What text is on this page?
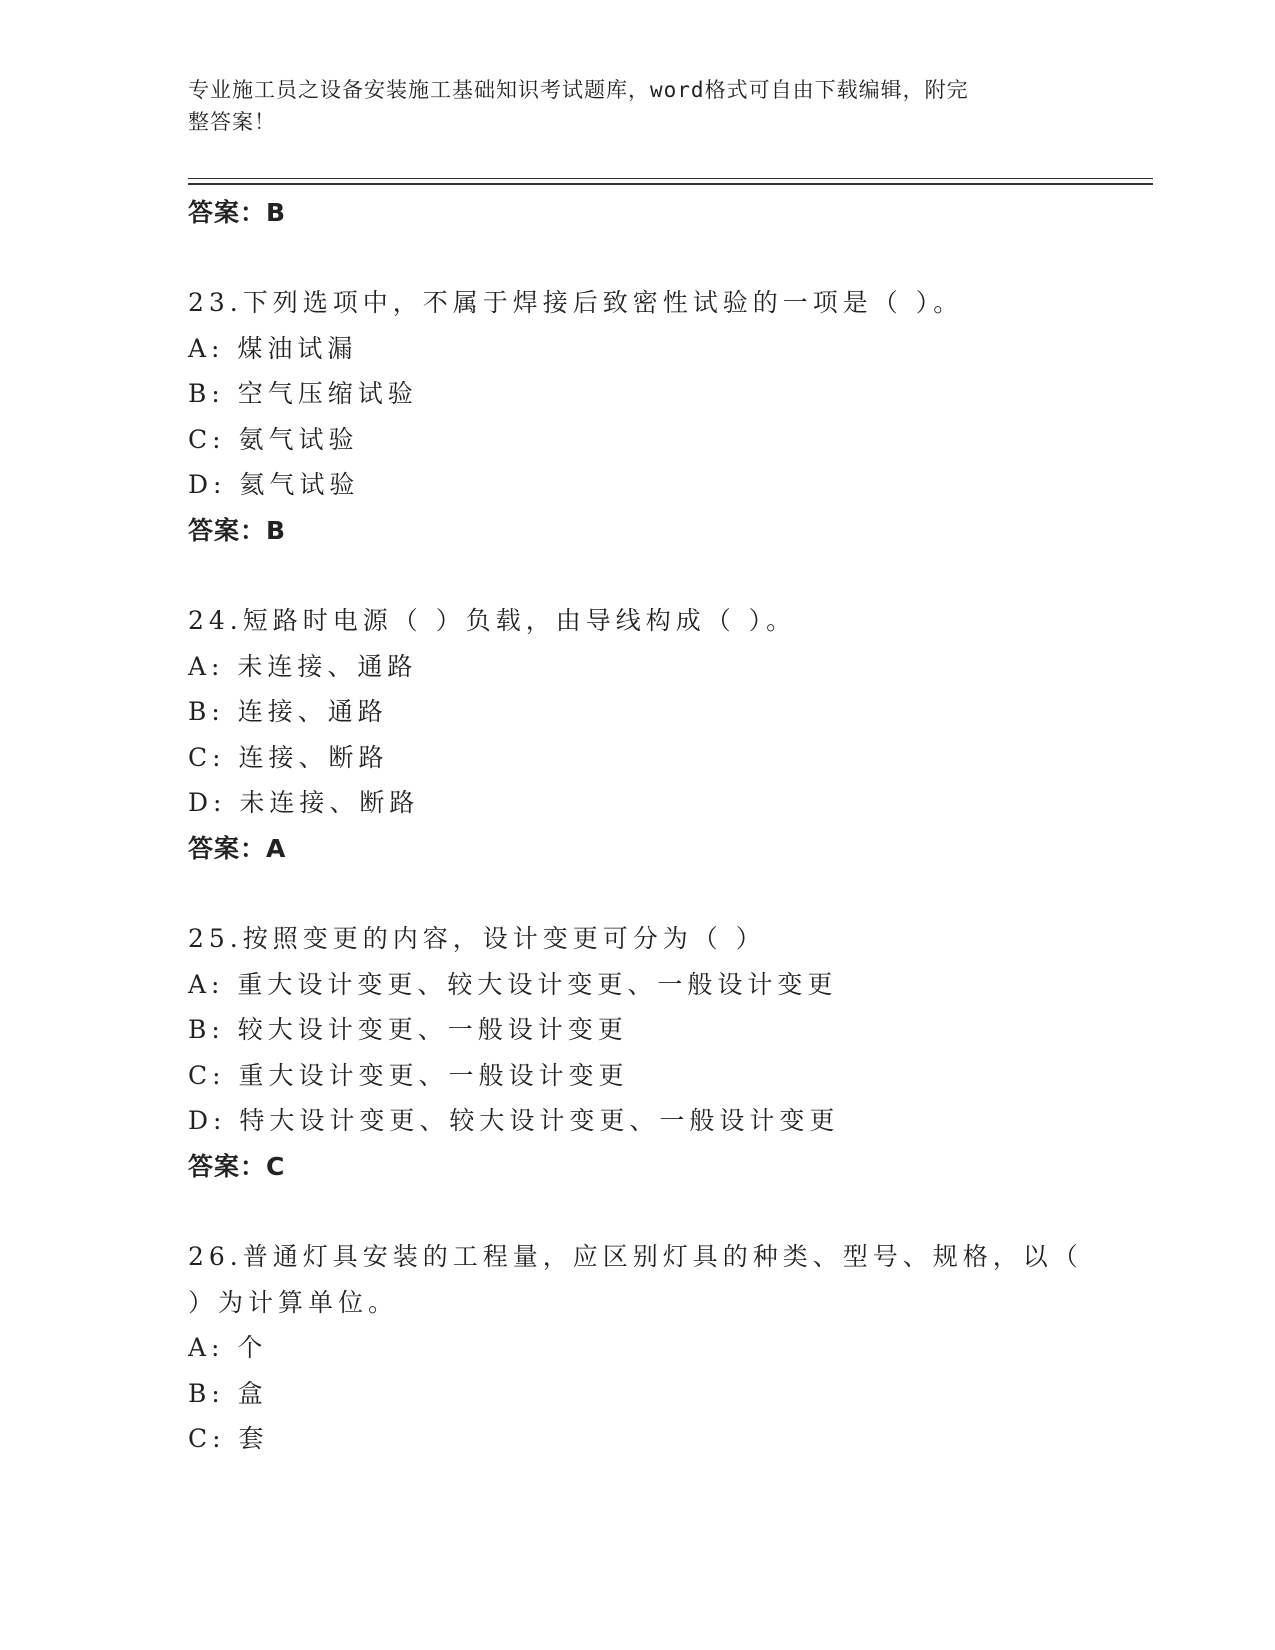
专业施工员之设备安装施工基础知识考试题库，word格式可自由下载编辑，附完
整答案！
答案：B
23.下列选项中，不属于焊接后致密性试验的一项是（ ）。
A: 煤油试漏
B: 空气压缩试验
C: 氨气试验
D: 氦气试验
答案：B
24.短路时电源（ ）负载，由导线构成（ ）。
A: 未连接、通路
B: 连接、通路
C: 连接、断路
D: 未连接、断路
答案：A
25.按照变更的内容，设计变更可分为（ ）
A: 重大设计变更、较大设计变更、一般设计变更
B: 较大设计变更、一般设计变更
C: 重大设计变更、一般设计变更
D: 特大设计变更、较大设计变更、一般设计变更
答案：C
26.普通灯具安装的工程量，应区别灯具的种类、型号、规格，以（
）为计算单位。
A: 个
B: 盒
C: 套
